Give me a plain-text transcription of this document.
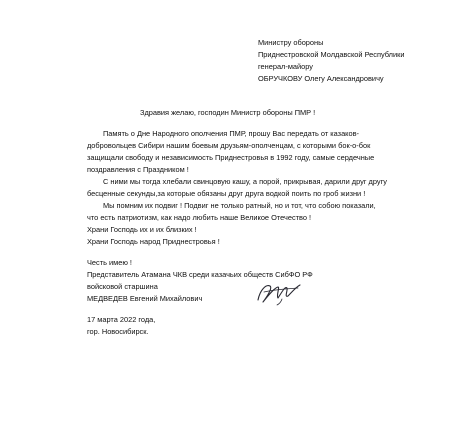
Министру обороны
Приднестровской Молдавской Республики
генерал-майору
ОБРУЧКОВУ Олегу Александровичу
Здравия желаю, господин Министр обороны ПМР !
Память о Дне Народного ополчения ПМР, прошу Вас передать от казаков-
добровольцев Сибири нашим боевым друзьям-ополченцам, с которыми бок-о-бок
защищали свободу и независимость Приднестровья в 1992 году, самые сердечные
поздравления с Праздником !
С ними мы тогда хлебали свинцовую кашу, а порой, прикрывая, дарили друг другу
бесценные секунды,за которые обязаны друг друга водкой поить по гроб жизни !
Мы помним их подвиг ! Подвиг не только ратный, но и тот, что собою показали,
что есть патриотизм, как надо любить наше Великое Отечество !
Храни Господь их и их близких !
Храни Господь народ Приднестровья !
Честь имею !
Представитель Атамана ЧКВ среди казачьих обществ СибФО РФ
войсковой старшина
МЕДВЕДЕВ Евгений Михайлович
17 марта 2022 года,
гор. Новосибирск.
